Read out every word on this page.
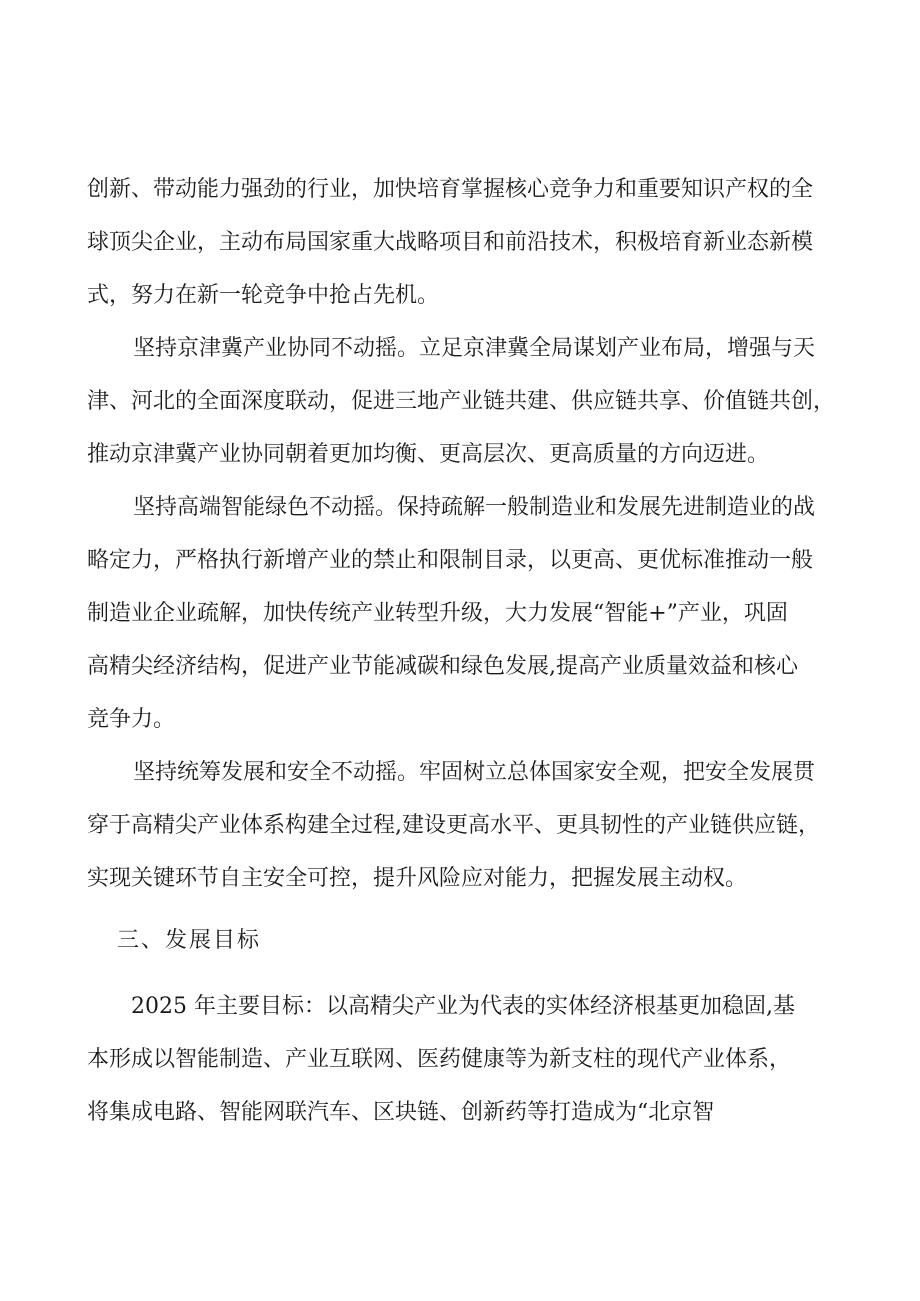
创新、带动能力强劲的行业，加快培育掌握核心竞争力和重要知识产权的全
球顶尖企业，主动布局国家重大战略项目和前沿技术，积极培育新业态新模
式，努力在新一轮竞争中抢占先机。
坚持京津冀产业协同不动摇。立足京津冀全局谋划产业布局，增强与天
津、河北的全面深度联动，促进三地产业链共建、供应链共享、价值链共创，
推动京津冀产业协同朝着更加均衡、更高层次、更高质量的方向迈进。
坚持高端智能绿色不动摇。保持疏解一般制造业和发展先进制造业的战
略定力，严格执行新增产业的禁止和限制目录，以更高、更优标准推动一般
制造业企业疏解，加快传统产业转型升级，大力发展“智能+”产业，巩固
高精尖经济结构，促进产业节能减碳和绿色发展,提高产业质量效益和核心
竞争力。
坚持统筹发展和安全不动摇。牢固树立总体国家安全观，把安全发展贯
穿于高精尖产业体系构建全过程,建设更高水平、更具韧性的产业链供应链，
实现关键环节自主安全可控，提升风险应对能力，把握发展主动权。
三、发展目标
2025 年主要目标：以高精尖产业为代表的实体经济根基更加稳固,基
本形成以智能制造、产业互联网、医药健康等为新支柱的现代产业体系，
将集成电路、智能网联汽车、区块链、创新药等打造成为“北京智
